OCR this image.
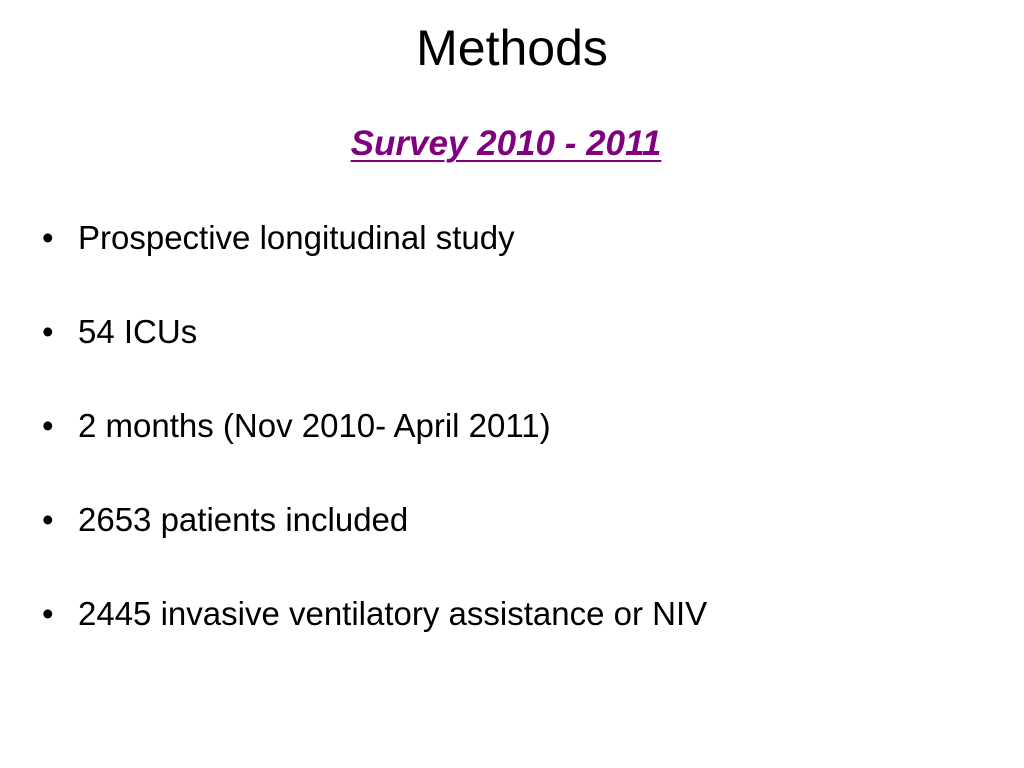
Methods
Survey 2010 - 2011
• Prospective longitudinal study
• 54 ICUs
• 2 months (Nov 2010- April 2011)
• 2653 patients included
• 2445 invasive ventilatory assistance or NIV
